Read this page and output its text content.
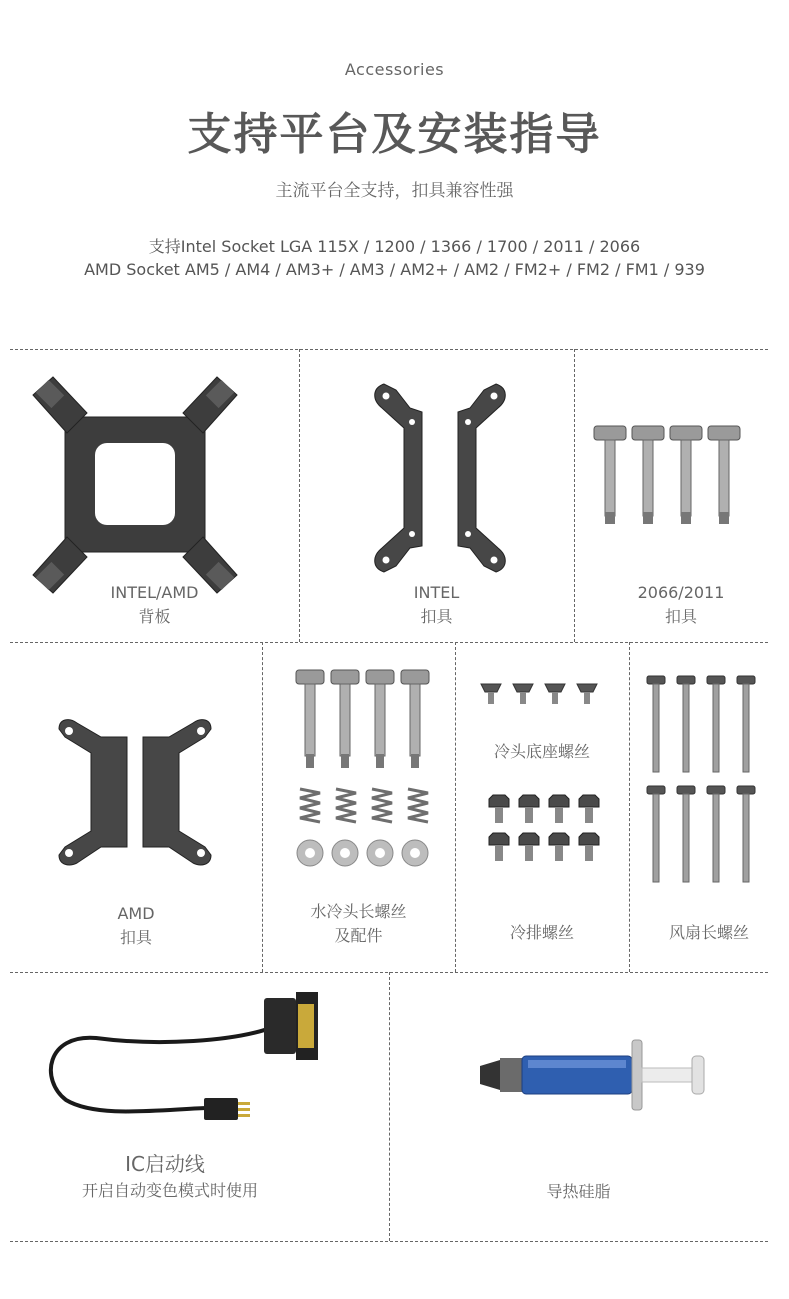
Accessories
支持平台及安装指导
主流平台全支持，扣具兼容性强
支持Intel Socket LGA 115X / 1200 / 1366 / 1700 / 2011 / 2066
AMD Socket AM5 / AM4 / AM3+ / AM3 / AM2+ / AM2 / FM2+ / FM2 / FM1 / 939
INTEL/AMD
背板
INTEL
扣具
2066/2011
扣具
AMD
扣具
水冷头长螺丝
及配件
冷头底座螺丝
冷排螺丝	风扇长螺丝
IC启动线
开启自动变色模式时使用	导热硅脂
